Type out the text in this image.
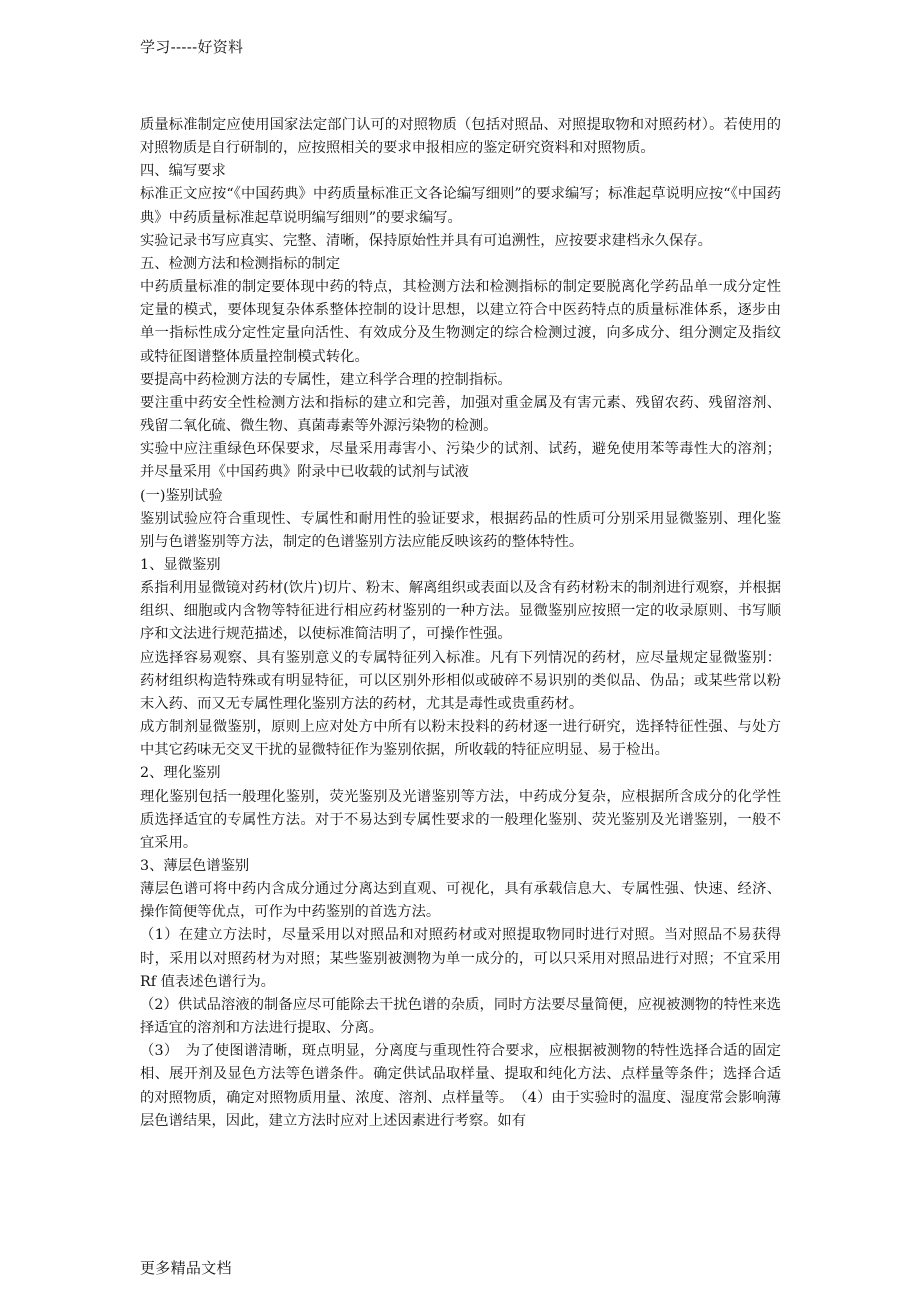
学习-----好资料

质量标准制定应使用国家法定部门认可的对照物质（包括对照品、对照提取物和对照药材）。若使用的对照物质是自行研制的，应按照相关的要求申报相应的鉴定研究资料和对照物质。

四、编写要求

标准正文应按“《中国药典》中药质量标准正文各论编写细则”的要求编写；标准起草说明应按“《中国药典》中药质量标准起草说明编写细则”的要求编写。

实验记录书写应真实、完整、清晰，保持原始性并具有可追溯性，应按要求建档永久保存。

五、检测方法和检测指标的制定

中药质量标准的制定要体现中药的特点，其检测方法和检测指标的制定要脱离化学药品单一成分定性定量的模式，要体现复杂体系整体控制的设计思想，以建立符合中医药特点的质量标准体系，逐步由单一指标性成分定性定量向活性、有效成分及生物测定的综合检测过渡，向多成分、组分测定及指纹或特征图谱整体质量控制模式转化。

要提高中药检测方法的专属性，建立科学合理的控制指标。

要注重中药安全性检测方法和指标的建立和完善，加强对重金属及有害元素、残留农药、残留溶剂、残留二氧化硫、微生物、真菌毒素等外源污染物的检测。

实验中应注重绿色环保要求，尽量采用毒害小、污染少的试剂、试药，避免使用苯等毒性大的溶剂；并尽量采用《中国药典》附录中已收载的试剂与试液

(一)鉴别试验

鉴别试验应符合重现性、专属性和耐用性的验证要求，根据药品的性质可分别采用显微鉴别、理化鉴别与色谱鉴别等方法，制定的色谱鉴别方法应能反映该药的整体特性。

1、显微鉴别

系指利用显微镜对药材(饮片)切片、粉末、解离组织或表面以及含有药材粉末的制剂进行观察，并根据组织、细胞或内含物等特征进行相应药材鉴别的一种方法。显微鉴别应按照一定的收录原则、书写顺序和文法进行规范描述，以使标准简洁明了，可操作性强。

应选择容易观察、具有鉴别意义的专属特征列入标准。凡有下列情况的药材，应尽量规定显微鉴别：药材组织构造特殊或有明显特征，可以区别外形相似或破碎不易识别的类似品、伪品；或某些常以粉末入药、而又无专属性理化鉴别方法的药材，尤其是毒性或贵重药材。

成方制剂显微鉴别，原则上应对处方中所有以粉末投料的药材逐一进行研究，选择特征性强、与处方中其它药味无交叉干扰的显微特征作为鉴别依据，所收载的特征应明显、易于检出。

2、理化鉴别

理化鉴别包括一般理化鉴别，荧光鉴别及光谱鉴别等方法，中药成分复杂，应根据所含成分的化学性质选择适宜的专属性方法。对于不易达到专属性要求的一般理化鉴别、荧光鉴别及光谱鉴别，一般不宜采用。

3、薄层色谱鉴别

薄层色谱可将中药内含成分通过分离达到直观、可视化，具有承载信息大、专属性强、快速、经济、操作简便等优点，可作为中药鉴别的首选方法。

（1）在建立方法时，尽量采用以对照品和对照药材或对照提取物同时进行对照。当对照品不易获得时，采用以对照药材为对照；某些鉴别被测物为单一成分的，可以只采用对照品进行对照；不宜采用 Rf 值表述色谱行为。

（2）供试品溶液的制备应尽可能除去干扰色谱的杂质，同时方法要尽量简便，应视被测物的特性来选择适宜的溶剂和方法进行提取、分离。

（3）　为了使图谱清晰，斑点明显，分离度与重现性符合要求，应根据被测物的特性选择合适的固定相、展开剂及显色方法等色谱条件。确定供试品取样量、提取和纯化方法、点样量等条件；选择合适的对照物质，确定对照物质用量、浓度、溶剂、点样量等。　（4）由于实验时的温度、湿度常会影响薄层色谱结果，因此，建立方法时应对上述因素进行考察。如有

更多精品文档
